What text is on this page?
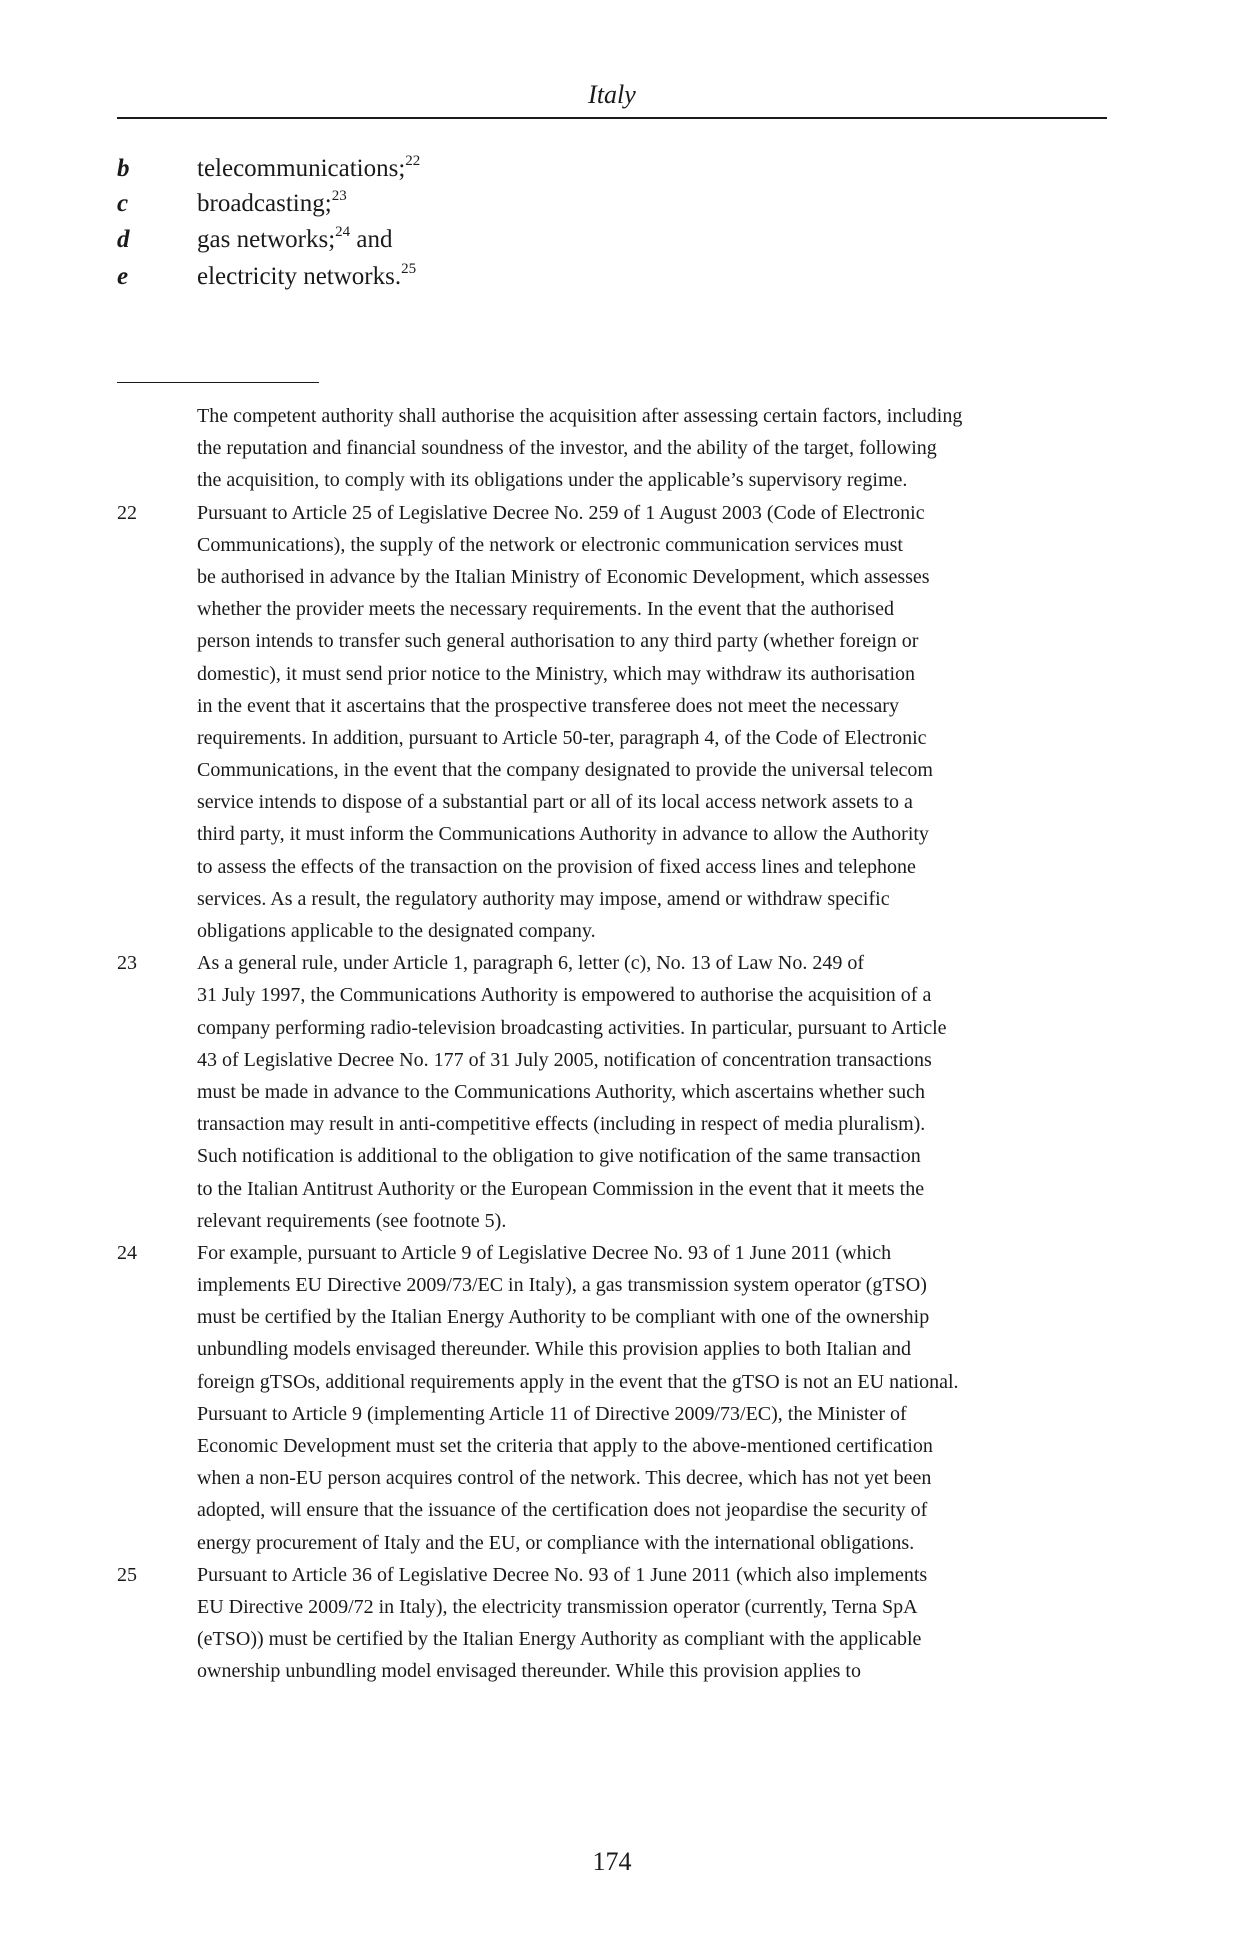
Italy
b	telecommunications;$^{22}$
c	broadcasting;$^{23}$
d	gas networks;$^{24}$ and
e	electricity networks.$^{25}$
The competent authority shall authorise the acquisition after assessing certain factors, including
the reputation and financial soundness of the investor, and the ability of the target, following
the acquisition, to comply with its obligations under the applicable’s supervisory regime.
22	Pursuant to Article 25 of Legislative Decree No. 259 of 1 August 2003 (Code of Electronic
Communications), the supply of the network or electronic communication services must
be authorised in advance by the Italian Ministry of Economic Development, which assesses
whether the provider meets the necessary requirements. In the event that the authorised
person intends to transfer such general authorisation to any third party (whether foreign or
domestic), it must send prior notice to the Ministry, which may withdraw its authorisation
in the event that it ascertains that the prospective transferee does not meet the necessary
requirements. In addition, pursuant to Article 50-ter, paragraph 4, of the Code of Electronic
Communications, in the event that the company designated to provide the universal telecom
service intends to dispose of a substantial part or all of its local access network assets to a
third party, it must inform the Communications Authority in advance to allow the Authority
to assess the effects of the transaction on the provision of fixed access lines and telephone
services. As a result, the regulatory authority may impose, amend or withdraw specific
obligations applicable to the designated company.
23	As a general rule, under Article 1, paragraph 6, letter (c), No. 13 of Law No. 249 of
31 July 1997, the Communications Authority is empowered to authorise the acquisition of a
company performing radio-television broadcasting activities. In particular, pursuant to Article
43 of Legislative Decree No. 177 of 31 July 2005, notification of concentration transactions
must be made in advance to the Communications Authority, which ascertains whether such
transaction may result in anti-competitive effects (including in respect of media pluralism).
Such notification is additional to the obligation to give notification of the same transaction
to the Italian Antitrust Authority or the European Commission in the event that it meets the
relevant requirements (see footnote 5).
24	For example, pursuant to Article 9 of Legislative Decree No. 93 of 1 June 2011 (which
implements EU Directive 2009/73/EC in Italy), a gas transmission system operator (gTSO)
must be certified by the Italian Energy Authority to be compliant with one of the ownership
unbundling models envisaged thereunder. While this provision applies to both Italian and
foreign gTSOs, additional requirements apply in the event that the gTSO is not an EU national.
Pursuant to Article 9 (implementing Article 11 of Directive 2009/73/EC), the Minister of
Economic Development must set the criteria that apply to the above-mentioned certification
when a non-EU person acquires control of the network. This decree, which has not yet been
adopted, will ensure that the issuance of the certification does not jeopardise the security of
energy procurement of Italy and the EU, or compliance with the international obligations.
25	Pursuant to Article 36 of Legislative Decree No. 93 of 1 June 2011 (which also implements
EU Directive 2009/72 in Italy), the electricity transmission operator (currently, Terna SpA
(eTSO)) must be certified by the Italian Energy Authority as compliant with the applicable
ownership unbundling model envisaged thereunder. While this provision applies to
174
